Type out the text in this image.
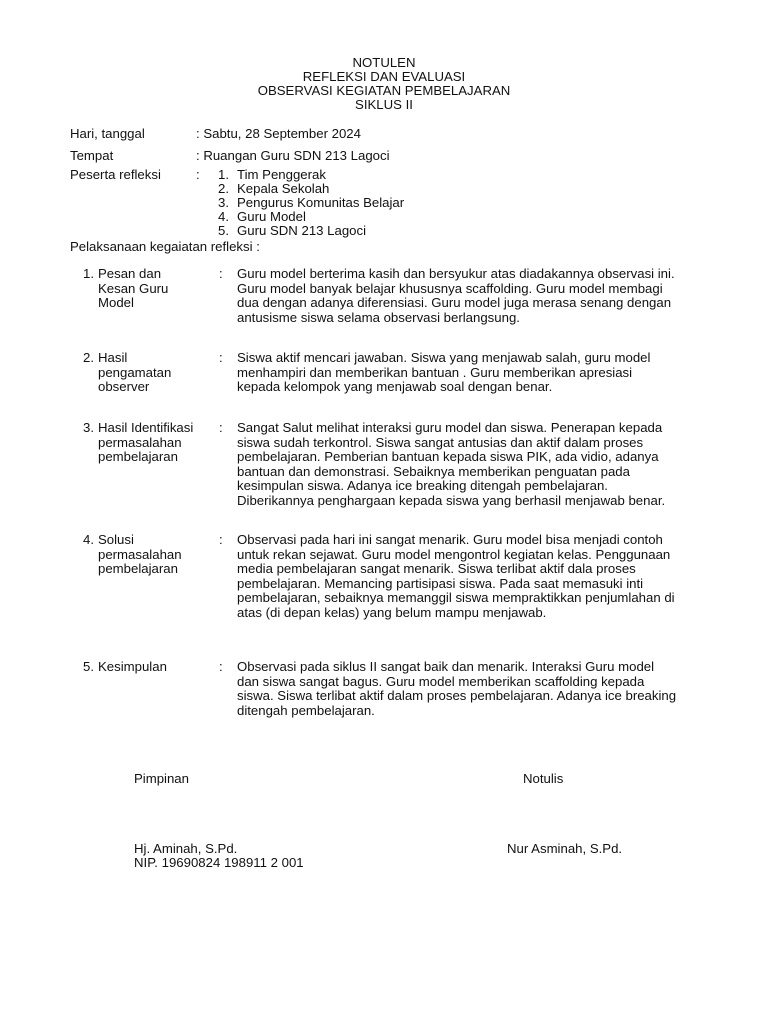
NOTULEN
REFLEKSI DAN EVALUASI
OBSERVASI KEGIATAN PEMBELAJARAN
SIKLUS II
Hari, tanggal	: Sabtu, 28 September 2024
Tempat	: Ruangan Guru SDN 213 Lagoci
Peserta refleksi	:	1. Tim Penggerak
2. Kepala Sekolah
3. Pengurus Komunitas Belajar
4. Guru Model
5. Guru SDN 213 Lagoci
Pelaksanaan kegaiatan refleksi :
1. Pesan dan Kesan Guru Model
: Guru model berterima kasih dan bersyukur atas diadakannya observasi ini. Guru model banyak belajar khususnya scaffolding. Guru model membagi dua dengan adanya diferensiasi. Guru model juga merasa senang dengan antusisme siswa selama observasi berlangsung.
2. Hasil pengamatan observer
: Siswa aktif mencari jawaban. Siswa yang menjawab salah, guru model menhampiri dan memberikan bantuan . Guru memberikan apresiasi kepada kelompok yang menjawab soal dengan benar.
3. Hasil Identifikasi permasalahan pembelajaran
: Sangat Salut melihat interaksi guru model dan siswa. Penerapan kepada siswa sudah terkontrol. Siswa sangat antusias dan aktif dalam proses pembelajaran. Pemberian bantuan kepada siswa PIK, ada vidio, adanya bantuan dan demonstrasi. Sebaiknya memberikan penguatan pada kesimpulan siswa. Adanya ice breaking ditengah pembelajaran. Diberikannya penghargaan kepada siswa yang berhasil menjawab benar.
4. Solusi permasalahan pembelajaran
: Observasi pada hari ini sangat menarik. Guru model bisa menjadi contoh untuk rekan sejawat. Guru model mengontrol kegiatan kelas. Penggunaan media pembelajaran sangat menarik. Siswa terlibat aktif dala proses pembelajaran. Memancing partisipasi siswa. Pada saat memasuki inti pembelajaran, sebaiknya memanggil siswa mempraktikkan penjumlahan di atas (di depan kelas) yang belum mampu menjawab.
5. Kesimpulan	: Observasi pada siklus II sangat baik dan menarik. Interaksi Guru model dan siswa sangat bagus. Guru model memberikan scaffolding kepada siswa. Siswa terlibat aktif dalam proses pembelajaran. Adanya ice breaking ditengah pembelajaran.
Pimpinan	Notulis
Hj. Aminah, S.Pd.	Nur Asminah, S.Pd.
NIP. 19690824 198911 2 001
